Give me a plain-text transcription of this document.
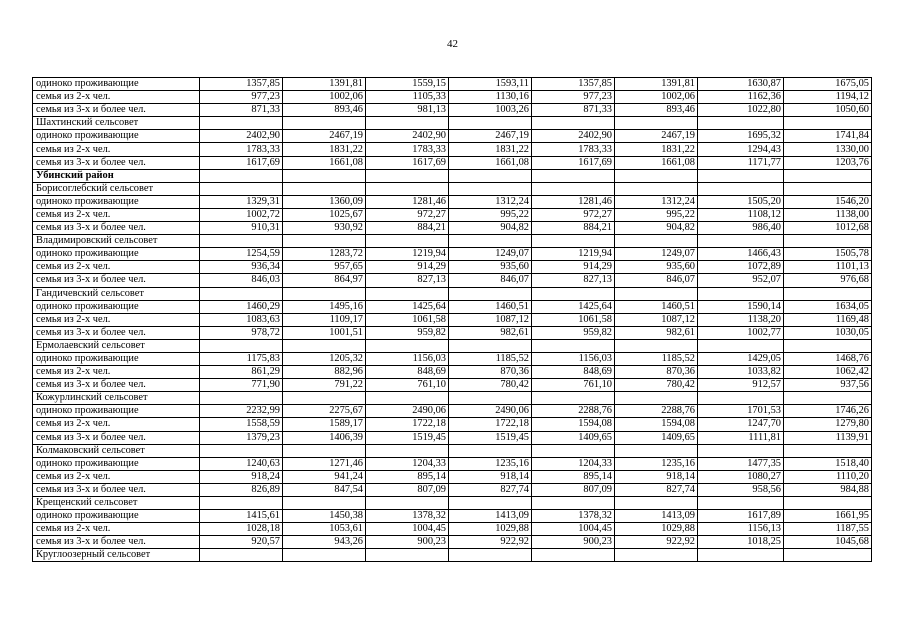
42
одиноко проживающие	1357,85	1391,81	1559,15	1593,11	1357,85	1391,81	1630,87	1675,05
семья из 2-х чел.	977,23	1002,06	1105,33	1130,16	977,23	1002,06	1162,36	1194,12
семья из 3-х и более чел.	871,33	893,46	981,13	1003,26	871,33	893,46	1022,80	1050,60
Шахтинский сельсовет								
одиноко проживающие	2402,90	2467,19	2402,90	2467,19	2402,90	2467,19	1695,32	1741,84
семья из 2-х чел.	1783,33	1831,22	1783,33	1831,22	1783,33	1831,22	1294,43	1330,00
семья из 3-х и более чел.	1617,69	1661,08	1617,69	1661,08	1617,69	1661,08	1171,77	1203,76
Убинский район								
Борисоглебский сельсовет								
одиноко проживающие	1329,31	1360,09	1281,46	1312,24	1281,46	1312,24	1505,20	1546,20
семья из 2-х чел.	1002,72	1025,67	972,27	995,22	972,27	995,22	1108,12	1138,00
семья из 3-х и более чел.	910,31	930,92	884,21	904,82	884,21	904,82	986,40	1012,68
Владимировский сельсовет								
одиноко проживающие	1254,59	1283,72	1219,94	1249,07	1219,94	1249,07	1466,43	1505,78
семья из 2-х чел.	936,34	957,65	914,29	935,60	914,29	935,60	1072,89	1101,13
семья из 3-х и более чел.	846,03	864,97	827,13	846,07	827,13	846,07	952,07	976,68
Гандичевский сельсовет								
одиноко проживающие	1460,29	1495,16	1425,64	1460,51	1425,64	1460,51	1590,14	1634,05
семья из 2-х чел.	1083,63	1109,17	1061,58	1087,12	1061,58	1087,12	1138,20	1169,48
семья из 3-х и более чел.	978,72	1001,51	959,82	982,61	959,82	982,61	1002,77	1030,05
Ермолаевский сельсовет								
одиноко проживающие	1175,83	1205,32	1156,03	1185,52	1156,03	1185,52	1429,05	1468,76
семья из 2-х чел.	861,29	882,96	848,69	870,36	848,69	870,36	1033,82	1062,42
семья из 3-х и более чел.	771,90	791,22	761,10	780,42	761,10	780,42	912,57	937,56
Кожурлинский сельсовет								
одиноко проживающие	2232,99	2275,67	2490,06	2490,06	2288,76	2288,76	1701,53	1746,26
семья из 2-х чел.	1558,59	1589,17	1722,18	1722,18	1594,08	1594,08	1247,70	1279,80
семья из 3-х и более чел.	1379,23	1406,39	1519,45	1519,45	1409,65	1409,65	1111,81	1139,91
Колмаковский сельсовет								
одиноко проживающие	1240,63	1271,46	1204,33	1235,16	1204,33	1235,16	1477,35	1518,40
семья из 2-х чел.	918,24	941,24	895,14	918,14	895,14	918,14	1080,27	1110,20
семья из 3-х и более чел.	826,89	847,54	807,09	827,74	807,09	827,74	958,56	984,88
Крещенский сельсовет								
одиноко проживающие	1415,61	1450,38	1378,32	1413,09	1378,32	1413,09	1617,89	1661,95
семья из 2-х чел.	1028,18	1053,61	1004,45	1029,88	1004,45	1029,88	1156,13	1187,55
семья из 3-х и более чел.	920,57	943,26	900,23	922,92	900,23	922,92	1018,25	1045,68
Круглоозерный сельсовет								
